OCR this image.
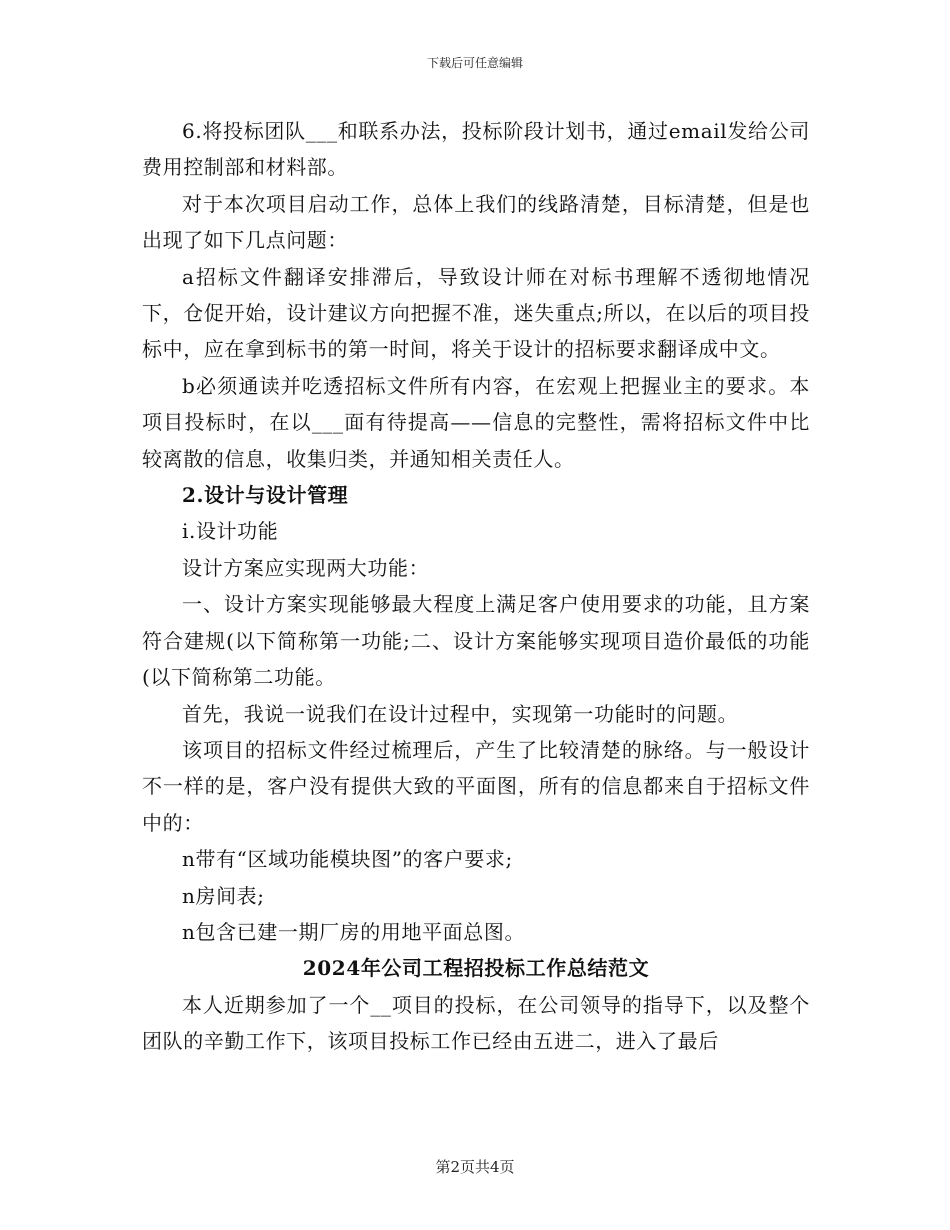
下载后可任意编辑

6.将投标团队___和联系办法，投标阶段计划书，通过email发给公司费用控制部和材料部。

对于本次项目启动工作，总体上我们的线路清楚，目标清楚，但是也出现了如下几点问题：

a招标文件翻译安排滞后，导致设计师在对标书理解不透彻地情况下，仓促开始，设计建议方向把握不准，迷失重点;所以，在以后的项目投标中，应在拿到标书的第一时间，将关于设计的招标要求翻译成中文。

b必须通读并吃透招标文件所有内容，在宏观上把握业主的要求。本项目投标时，在以___面有待提高——信息的完整性，需将招标文件中比较离散的信息，收集归类，并通知相关责任人。

2.设计与设计管理

i.设计功能

设计方案应实现两大功能：

一、设计方案实现能够最大程度上满足客户使用要求的功能，且方案符合建规(以下简称第一功能;二、设计方案能够实现项目造价最低的功能(以下简称第二功能。

首先，我说一说我们在设计过程中，实现第一功能时的问题。

该项目的招标文件经过梳理后，产生了比较清楚的脉络。与一般设计不一样的是，客户没有提供大致的平面图，所有的信息都来自于招标文件中的：

n带有“区域功能模块图”的客户要求;

n房间表;

n包含已建一期厂房的用地平面总图。

2024年公司工程招投标工作总结范文

本人近期参加了一个__项目的投标，在公司领导的指导下，以及整个团队的辛勤工作下，该项目投标工作已经由五进二，进入了最后

第2页共4页
